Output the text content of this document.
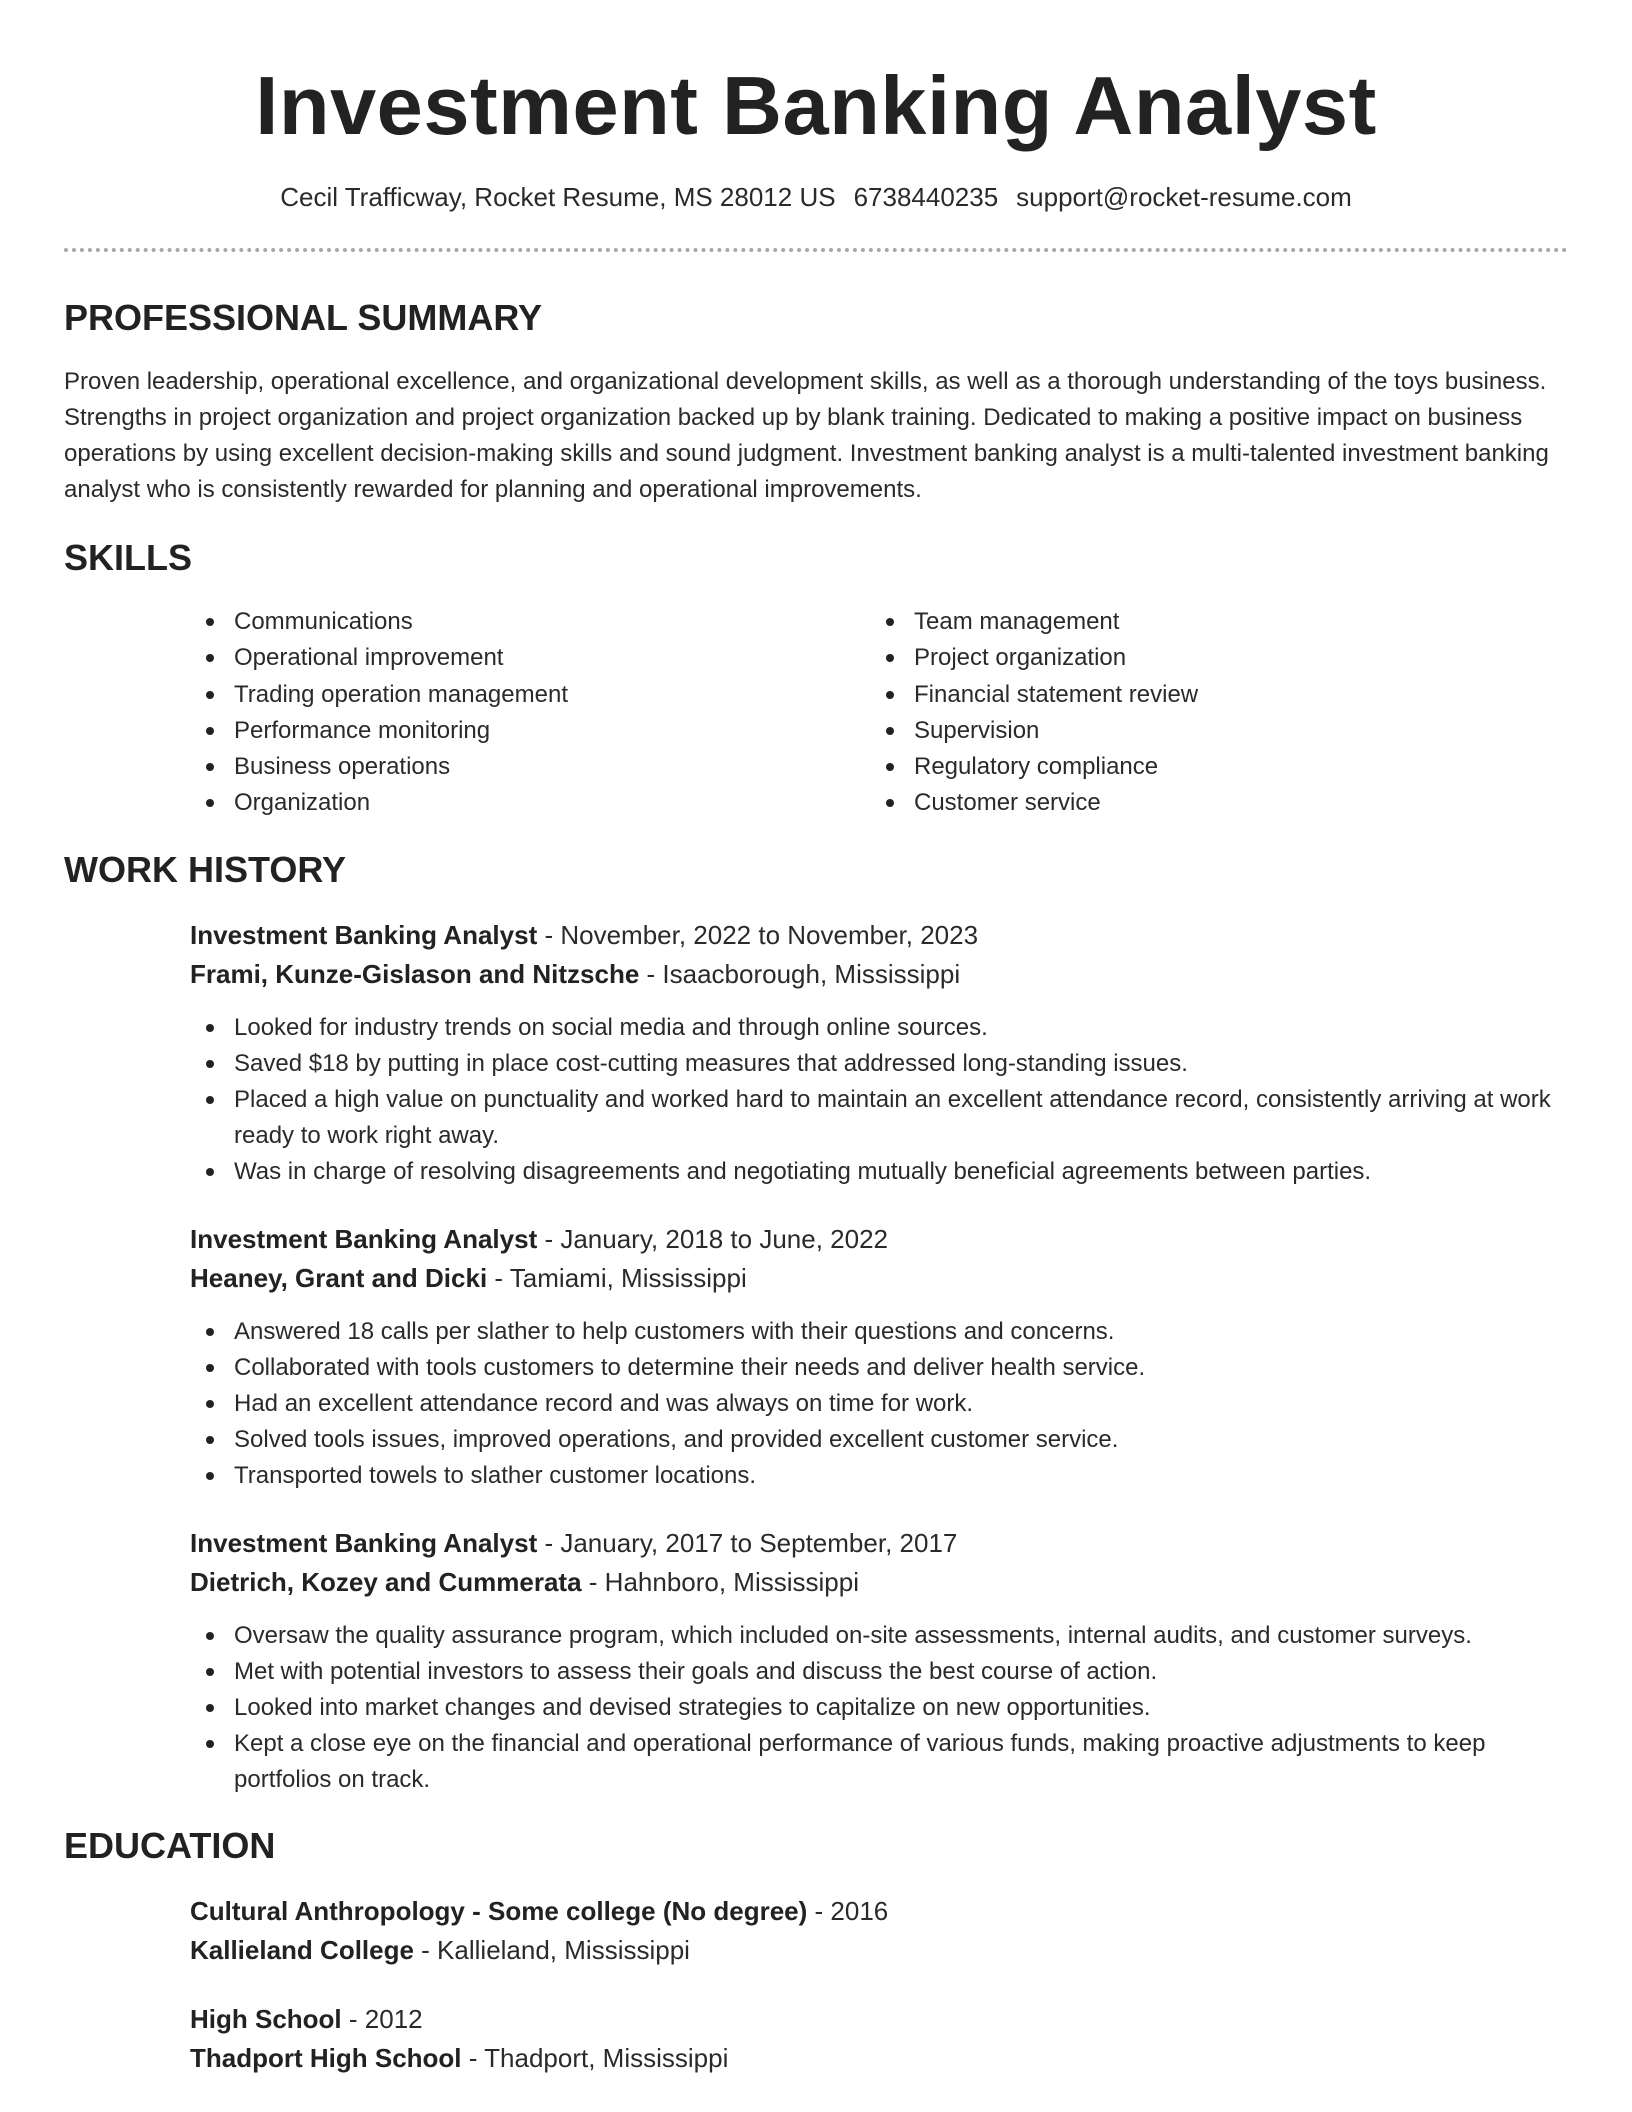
Investment Banking Analyst
Cecil Trafficway, Rocket Resume, MS 28012 US 6738440235 support@rocket-resume.com
PROFESSIONAL SUMMARY

Proven leadership, operational excellence, and organizational development skills, as well as a thorough understanding of the toys business. Strengths in project organization and project organization backed up by blank training. Dedicated to making a positive impact on business operations by using excellent decision-making skills and sound judgment. Investment banking analyst is a multi-talented investment banking analyst who is consistently rewarded for planning and operational improvements.

SKILLS
Communications
Operational improvement
Trading operation management
Performance monitoring
Business operations
Organization
Team management
Project organization
Financial statement review
Supervision
Regulatory compliance
Customer service
WORK HISTORY
Investment Banking Analyst - November, 2022 to November, 2023
Frami, Kunze-Gislason and Nitzsche - Isaacborough, Mississippi
Looked for industry trends on social media and through online sources.
Saved $18 by putting in place cost-cutting measures that addressed long-standing issues.
Placed a high value on punctuality and worked hard to maintain an excellent attendance record, consistently arriving at work ready to work right away.
Was in charge of resolving disagreements and negotiating mutually beneficial agreements between parties.
Investment Banking Analyst - January, 2018 to June, 2022
Heaney, Grant and Dicki - Tamiami, Mississippi
Answered 18 calls per slather to help customers with their questions and concerns.
Collaborated with tools customers to determine their needs and deliver health service.
Had an excellent attendance record and was always on time for work.
Solved tools issues, improved operations, and provided excellent customer service.
Transported towels to slather customer locations.
Investment Banking Analyst - January, 2017 to September, 2017
Dietrich, Kozey and Cummerata - Hahnboro, Mississippi
Oversaw the quality assurance program, which included on-site assessments, internal audits, and customer surveys.
Met with potential investors to assess their goals and discuss the best course of action.
Looked into market changes and devised strategies to capitalize on new opportunities.
Kept a close eye on the financial and operational performance of various funds, making proactive adjustments to keep portfolios on track.
EDUCATION
Cultural Anthropology - Some college (No degree) - 2016
Kallieland College - Kallieland, Mississippi
High School - 2012
Thadport High School - Thadport, Mississippi
